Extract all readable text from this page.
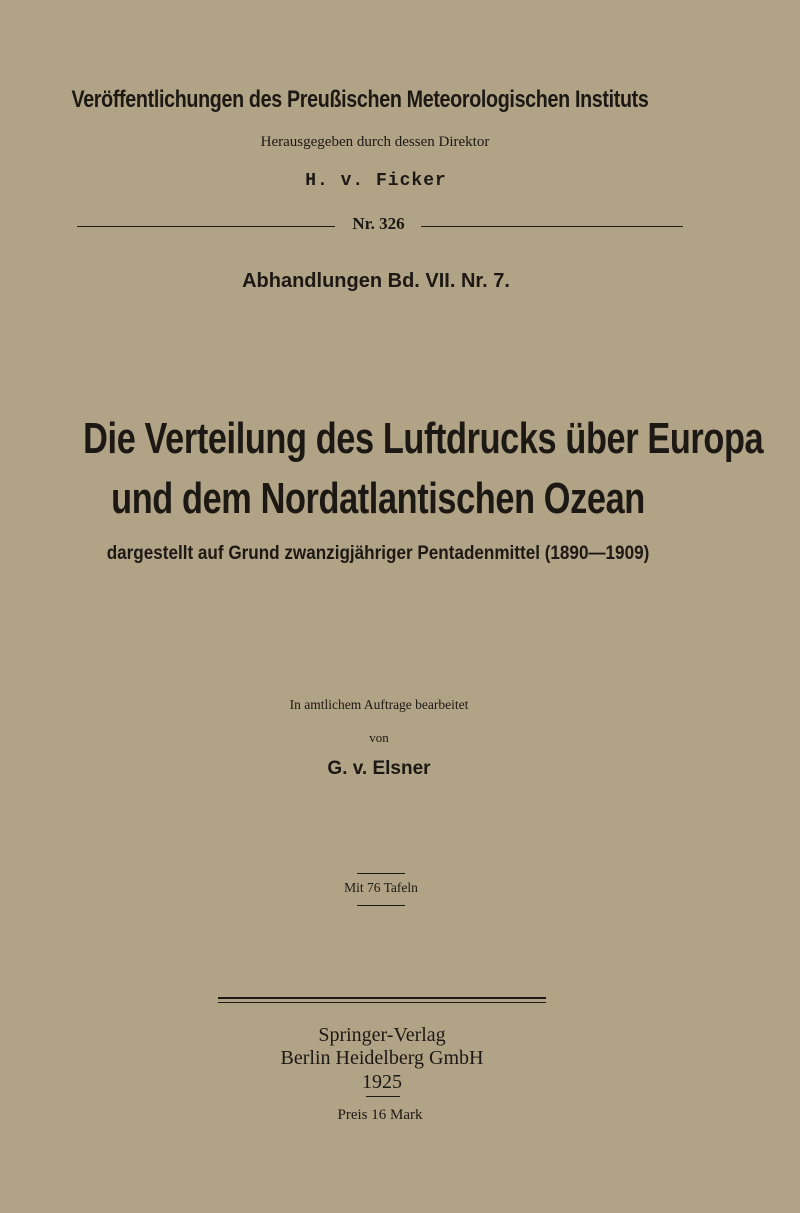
Veröffentlichungen des Preußischen Meteorologischen Instituts
Herausgegeben durch dessen Direktor
H. v. Ficker
Nr. 326
Abhandlungen Bd. VII. Nr. 7.
Die Verteilung des Luftdrucks über Europa
und dem Nordatlantischen Ozean
dargestellt auf Grund zwanzigjähriger Pentadenmittel (1890—1909)
In amtlichem Auftrage bearbeitet
von
G. v. Elsner
Mit 76 Tafeln
Springer-Verlag
Berlin Heidelberg GmbH
1925
Preis 16 Mark
